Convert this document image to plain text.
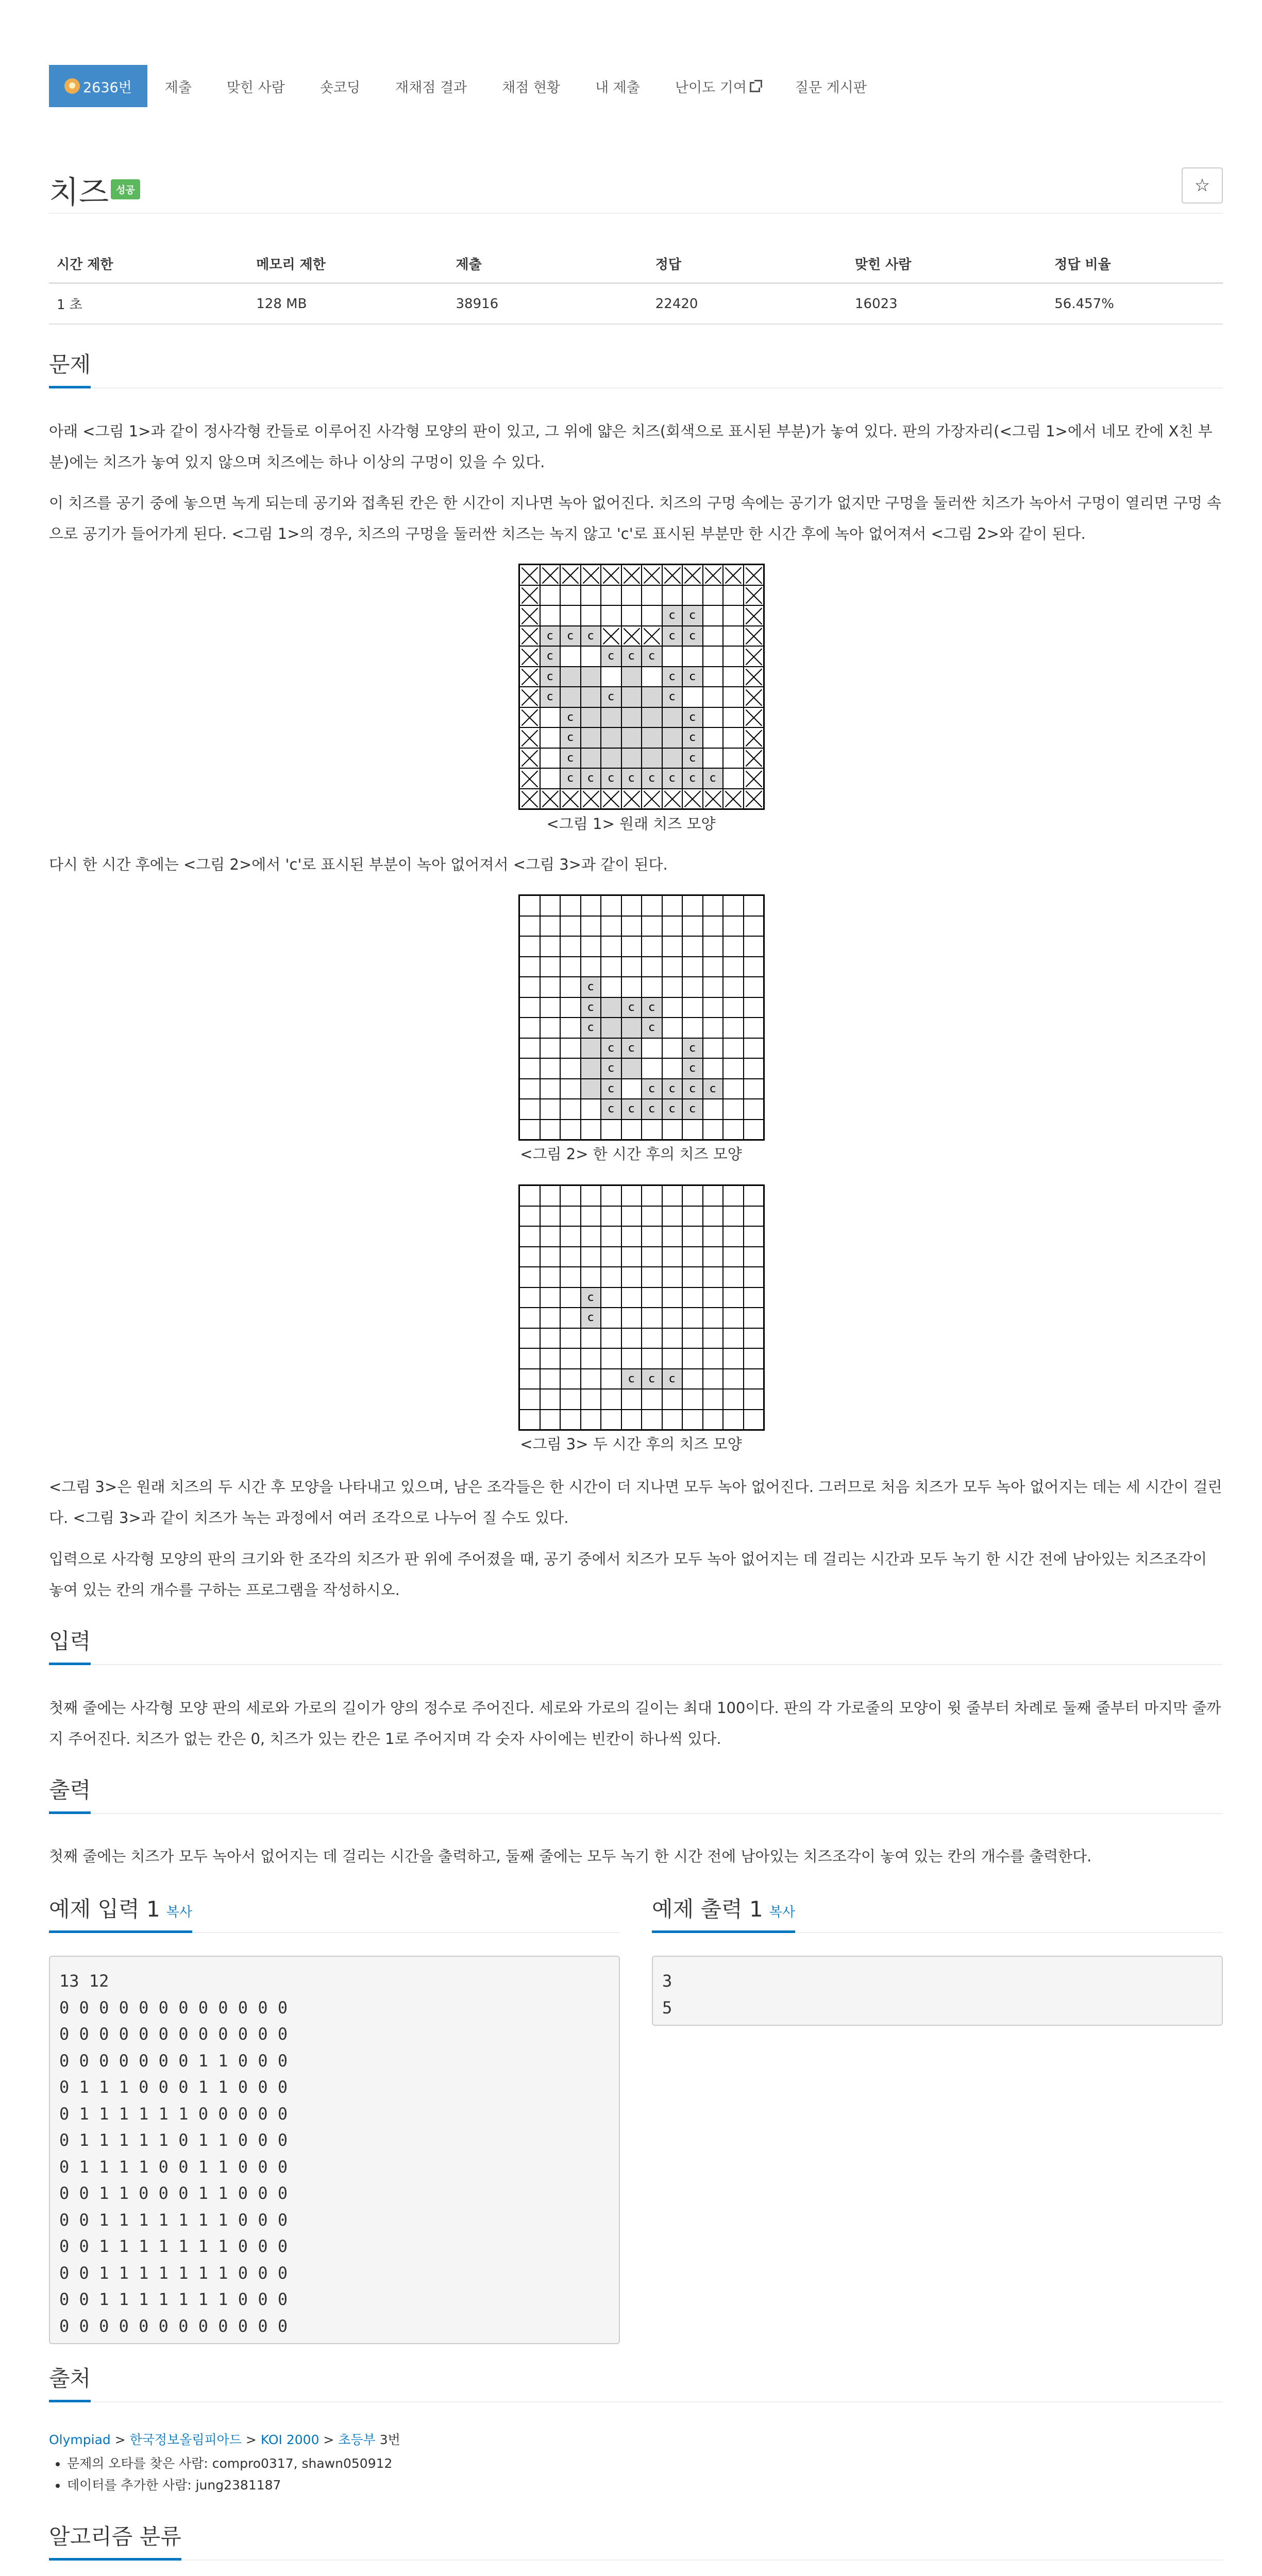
2636번	제출	맞힌 사람	숏코딩	재채점 결과	채점 현황	내 제출	난이도 기여	질문 게시판
치즈 성공	☆
시간 제한	메모리 제한	제출	정답	맞힌 사람	정답 비율
1 초	128 MB	38916	22420	16023	56.457%
문제
아래 <그림 1>과 같이 정사각형 칸들로 이루어진 사각형 모양의 판이 있고, 그 위에 얇은 치즈(회색으로 표시된 부분)가 놓여 있다. 판의 가장자리(<그림 1>에서 네모 칸에 X친 부분)에는 치즈가 놓여 있지 않으며 치즈에는 하나 이상의 구멍이 있을 수 있다.
이 치즈를 공기 중에 놓으면 녹게 되는데 공기와 접촉된 칸은 한 시간이 지나면 녹아 없어진다. 치즈의 구멍 속에는 공기가 없지만 구멍을 둘러싼 치즈가 녹아서 구멍이 열리면 구멍 속으로 공기가 들어가게 된다. <그림 1>의 경우, 치즈의 구멍을 둘러싼 치즈는 녹지 않고 'c'로 표시된 부분만 한 시간 후에 녹아 없어져서 <그림 2>와 같이 된다.
c	c
c	c	c	c	c
c	c	c	c
c	c	c
c	c	c
c	c
c	c
c	c
c	c	c	c	c	c	c	c
<그림 1> 원래 치즈 모양
다시 한 시간 후에는 <그림 2>에서 'c'로 표시된 부분이 녹아 없어져서 <그림 3>과 같이 된다.
c
c	c	c
c	c
c	c	c
c	c
c	c	c	c	c
c	c	c	c	c
<그림 2> 한 시간 후의 치즈 모양
c
c
c	c	c
<그림 3> 두 시간 후의 치즈 모양
<그림 3>은 원래 치즈의 두 시간 후 모양을 나타내고 있으며, 남은 조각들은 한 시간이 더 지나면 모두 녹아 없어진다. 그러므로 처음 치즈가 모두 녹아 없어지는 데는 세 시간이 걸린다. <그림 3>과 같이 치즈가 녹는 과정에서 여러 조각으로 나누어 질 수도 있다.
입력으로 사각형 모양의 판의 크기와 한 조각의 치즈가 판 위에 주어졌을 때, 공기 중에서 치즈가 모두 녹아 없어지는 데 걸리는 시간과 모두 녹기 한 시간 전에 남아있는 치즈조각이 놓여 있는 칸의 개수를 구하는 프로그램을 작성하시오.
입력
첫째 줄에는 사각형 모양 판의 세로와 가로의 길이가 양의 정수로 주어진다. 세로와 가로의 길이는 최대 100이다. 판의 각 가로줄의 모양이 윗 줄부터 차례로 둘째 줄부터 마지막 줄까지 주어진다. 치즈가 없는 칸은 0, 치즈가 있는 칸은 1로 주어지며 각 숫자 사이에는 빈칸이 하나씩 있다.
출력
첫째 줄에는 치즈가 모두 녹아서 없어지는 데 걸리는 시간을 출력하고, 둘째 줄에는 모두 녹기 한 시간 전에 남아있는 치즈조각이 놓여 있는 칸의 개수를 출력한다.
예제 입력 1 복사	예제 출력 1 복사
13 12
0 0 0 0 0 0 0 0 0 0 0 0
0 0 0 0 0 0 0 0 0 0 0 0
0 0 0 0 0 0 0 1 1 0 0 0
0 1 1 1 0 0 0 1 1 0 0 0
0 1 1 1 1 1 1 0 0 0 0 0
0 1 1 1 1 1 0 1 1 0 0 0
0 1 1 1 1 0 0 1 1 0 0 0
0 0 1 1 0 0 0 1 1 0 0 0
0 0 1 1 1 1 1 1 1 0 0 0
0 0 1 1 1 1 1 1 1 0 0 0
0 0 1 1 1 1 1 1 1 0 0 0
0 0 1 1 1 1 1 1 1 0 0 0
0 0 0 0 0 0 0 0 0 0 0 0
3
5
출처
Olympiad > 한국정보올림피아드 > KOI 2000 > 초등부 3번
• 문제의 오타를 찾은 사람: compro0317, shawn050912
• 데이터를 추가한 사람: jung2381187
알고리즘 분류
